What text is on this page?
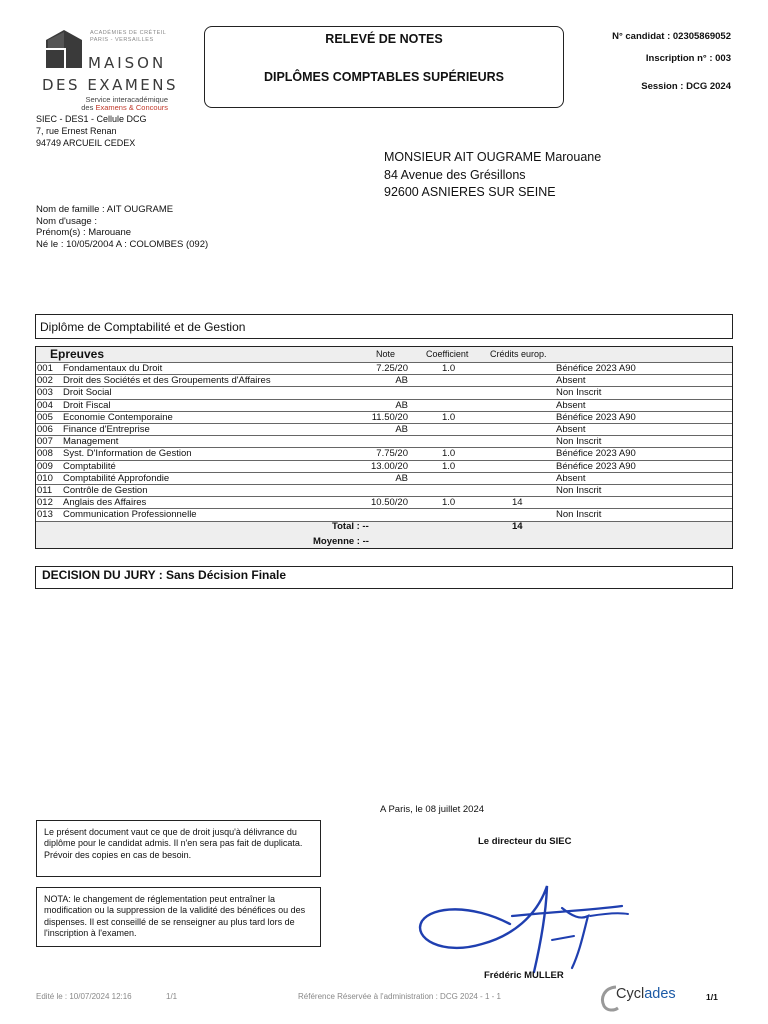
ACADÉMIES DE CRÉTEIL
PARIS - VERSAILLES
MAISON
DES EXAMENS
Service interacadémique
des Examens & Concours
SIEC - DES1 - Cellule DCG
7, rue Ernest Renan
94749 ARCUEIL CEDEX
RELEVÉ DE NOTES
DIPLÔMES COMPTABLES SUPÉRIEURS
N° candidat : 02305869052
Inscription n° : 003
Session : DCG 2024
MONSIEUR AIT OUGRAME Marouane
84 Avenue des Grésillons
92600 ASNIERES SUR SEINE
Nom de famille : AIT OUGRAME
Nom d'usage :
Prénom(s) : Marouane
Né le : 10/05/2004 A : COLOMBES (092)
Diplôme de Comptabilité et de Gestion
Epreuves	Note	Coefficient Crédits europ.
001 Fondamentaux du Droit	7.25/20	1.0	Bénéfice 2023 A90
002 Droit des Sociétés et des Groupements d'Affaires	AB	Absent
003 Droit Social	Non Inscrit
004 Droit Fiscal	AB	Absent
005 Economie Contemporaine	11.50/20	1.0	Bénéfice 2023 A90
006 Finance d'Entreprise	AB	Absent
007 Management	Non Inscrit
008 Syst. D'Information de Gestion	7.75/20	1.0	Bénéfice 2023 A90
009 Comptabilité	13.00/20	1.0	Bénéfice 2023 A90
010 Comptabilité Approfondie	AB	Absent
011 Contrôle de Gestion	Non Inscrit
012 Anglais des Affaires	10.50/20	1.0	14
013 Communication Professionnelle	Non Inscrit
Total : --	14
Moyenne : --
DECISION DU JURY : Sans Décision Finale
A Paris, le 08 juillet 2024
Le présent document vaut ce que de droit jusqu'à délivrance du diplôme pour le candidat admis. Il n'en sera pas fait de duplicata. Prévoir des copies en cas de besoin.
NOTA: le changement de réglementation peut entraîner la modification ou la suppression de la validité des bénéfices ou des dispenses. Il est conseillé de se renseigner au plus tard lors de l'inscription à l'examen.
Le directeur du SIEC
Frédéric MULLER
Edité le : 10/07/2024 12:16	1/1	Référence Réservée à l'administration : DCG 2024 - 1 - 1	Cyclades	1/1
